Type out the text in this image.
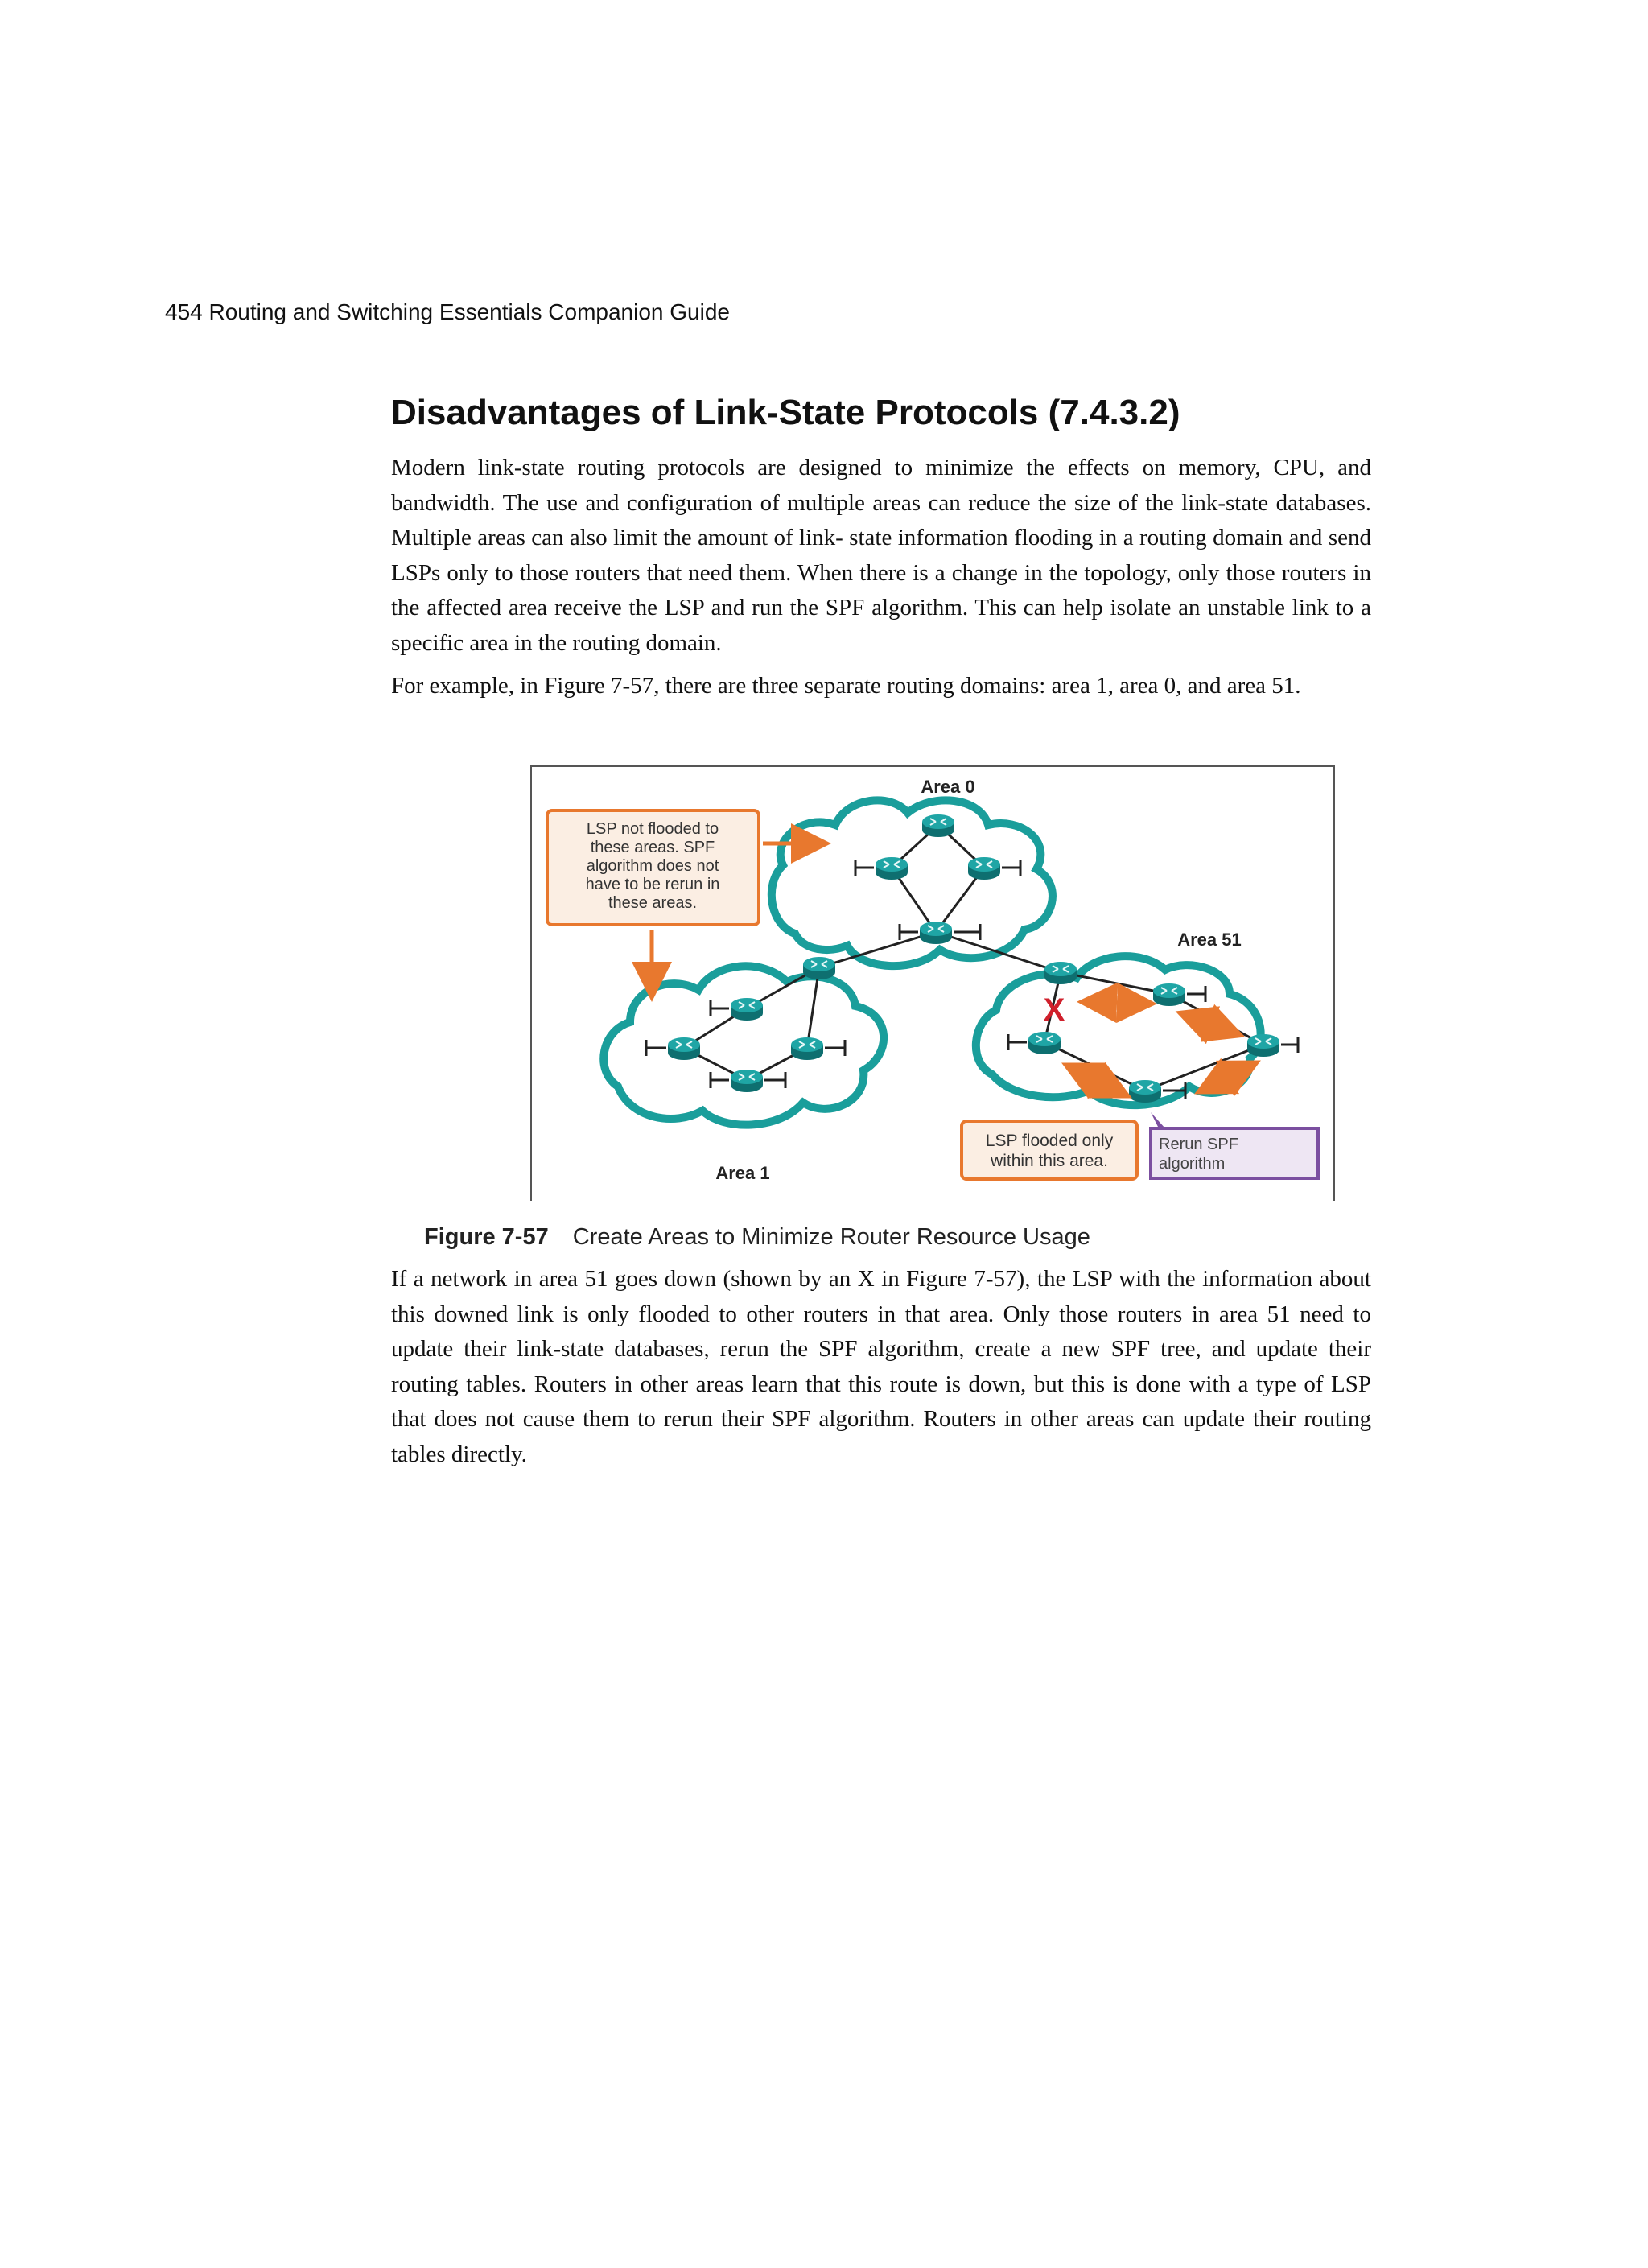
454 Routing and Switching Essentials Companion Guide
Disadvantages of Link-State Protocols (7.4.3.2)

Modern link-state routing protocols are designed to minimize the effects on memory, CPU, and bandwidth. The use and configuration of multiple areas can reduce the size of the link-state databases. Multiple areas can also limit the amount of link- state information flooding in a routing domain and send LSPs only to those routers that need them. When there is a change in the topology, only those routers in the affected area receive the LSP and run the SPF algorithm. This can help isolate an unstable link to a specific area in the routing domain.

For example, in Figure 7-57, there are three separate routing domains: area 1, area 0, and area 51.

X
Area 0
Area 51
Area 1
LSP not flooded to
these areas. SPF
algorithm does not
have to be rerun in
these areas.
LSP flooded only
within this area.
Rerun SPF
algorithm
Figure 7-57 Create Areas to Minimize Router Resource Usage

If a network in area 51 goes down (shown by an X in Figure 7-57), the LSP with the information about this downed link is only flooded to other routers in that area. Only those routers in area 51 need to update their link-state databases, rerun the SPF algorithm, create a new SPF tree, and update their routing tables. Routers in other areas learn that this route is down, but this is done with a type of LSP that does not cause them to rerun their SPF algorithm. Routers in other areas can update their routing tables directly.
